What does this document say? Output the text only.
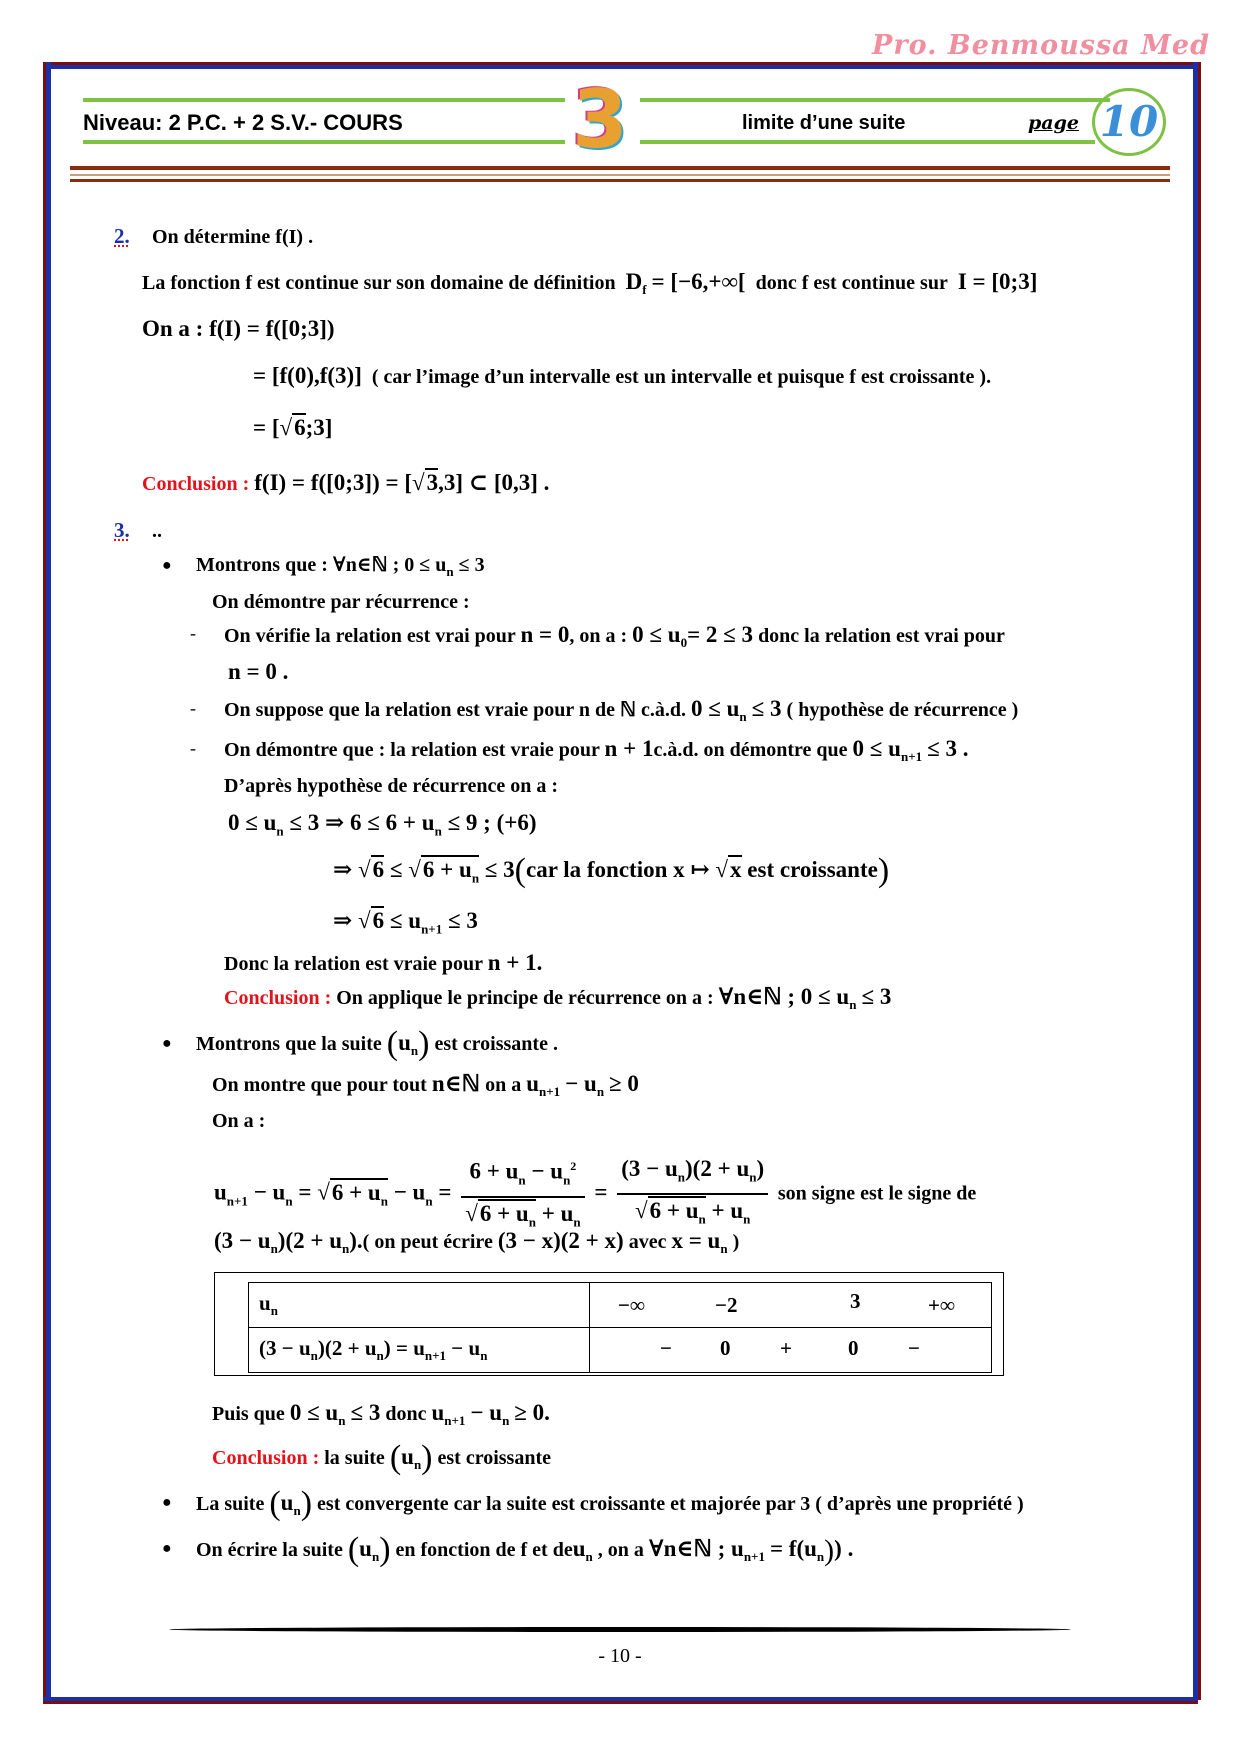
Pro. Benmoussa Med
Niveau: 2 P.C. + 2 S.V.- COURS 3	limite d’une suite	page 10
2. On détermine f(I) .
La fonction f est continue sur son domaine de définition $D_f = [-6,+\infty$[ donc f est continue sur I = [0;3]
On a : f(I) = f([0;3])
= [f(0),f(3)] ( car l’image d’un intervalle est un intervalle et puisque f est croissante ).
= [√6;3]
Conclusion : f(I) = f([0;3]) = [√3,3] ⊂ [0,3] .
3. ..
● Montrons que : ∀n∈ℕ ; $0 \le u_n \le 3$
On démontre par récurrence :
- On vérifie la relation est vrai pour n = 0, on a : $0 \le u_0= 2 \le 3$ donc la relation est vrai pour
n = 0 .
- On suppose que la relation est vraie pour n de ℕ c.à.d. $0 \le u_n \le 3$ ( hypothèse de récurrence )
- On démontre que : la relation est vraie pour n + 1c.à.d. on démontre que $0 \le u_{n+1} \le 3$ .
D’après hypothèse de récurrence on a :
$0 \le u_n \le 3$ ⇒ $6 \le 6 + u_n \le 9$ ; (+6)
⇒ $√6 \le √6 + u_n \le 3(car$ la fonction x ↦ √x est croissante)
⇒ $√6 \le u_{n+1} \le 3$
Donc la relation est vraie pour n + 1.
Conclusion : On applique le principe de récurrence on a : ∀n∈ℕ ; $0 \le u_n \le 3$
● Montrons que la suite $(u_n)$ est croissante .
On montre que pour tout n∈ℕ on a $u_{n+1} - u_n \ge 0$
On a :
$u_{n+1} - u_n = √6 + u_n - u_n = \frac{6 + u_n - u_n^2}{√6 + u_n + u_n} = \frac{(3 - u_n)(2 + u_n)}{√6 + u_n + u_n}$ son signe est le signe de
$(3 - u_n)(2 + u_n)$.( on peut écrire (3 − x)(2 + x) avec $x = u_n$ )
$u_n$	−∞ −2 3 +∞

$(3 - u_n)(2 + u_n) = u_{n+1} - u_n$	− 0 + 0 −
Puis que $0 \le u_n \le 3$ donc $u_{n+1} - u_n \ge 0$.
Conclusion : la suite $(u_n)$ est croissante
● La suite $(u_n)$ est convergente car la suite est croissante et majorée par 3 ( d’après une propriété )
● On écrire la suite $(u_n)$ en fonction de f et deu$_n$ , on a ∀n∈ℕ ; $u_{n+1} = f(u_n)$) .
- 10 -
